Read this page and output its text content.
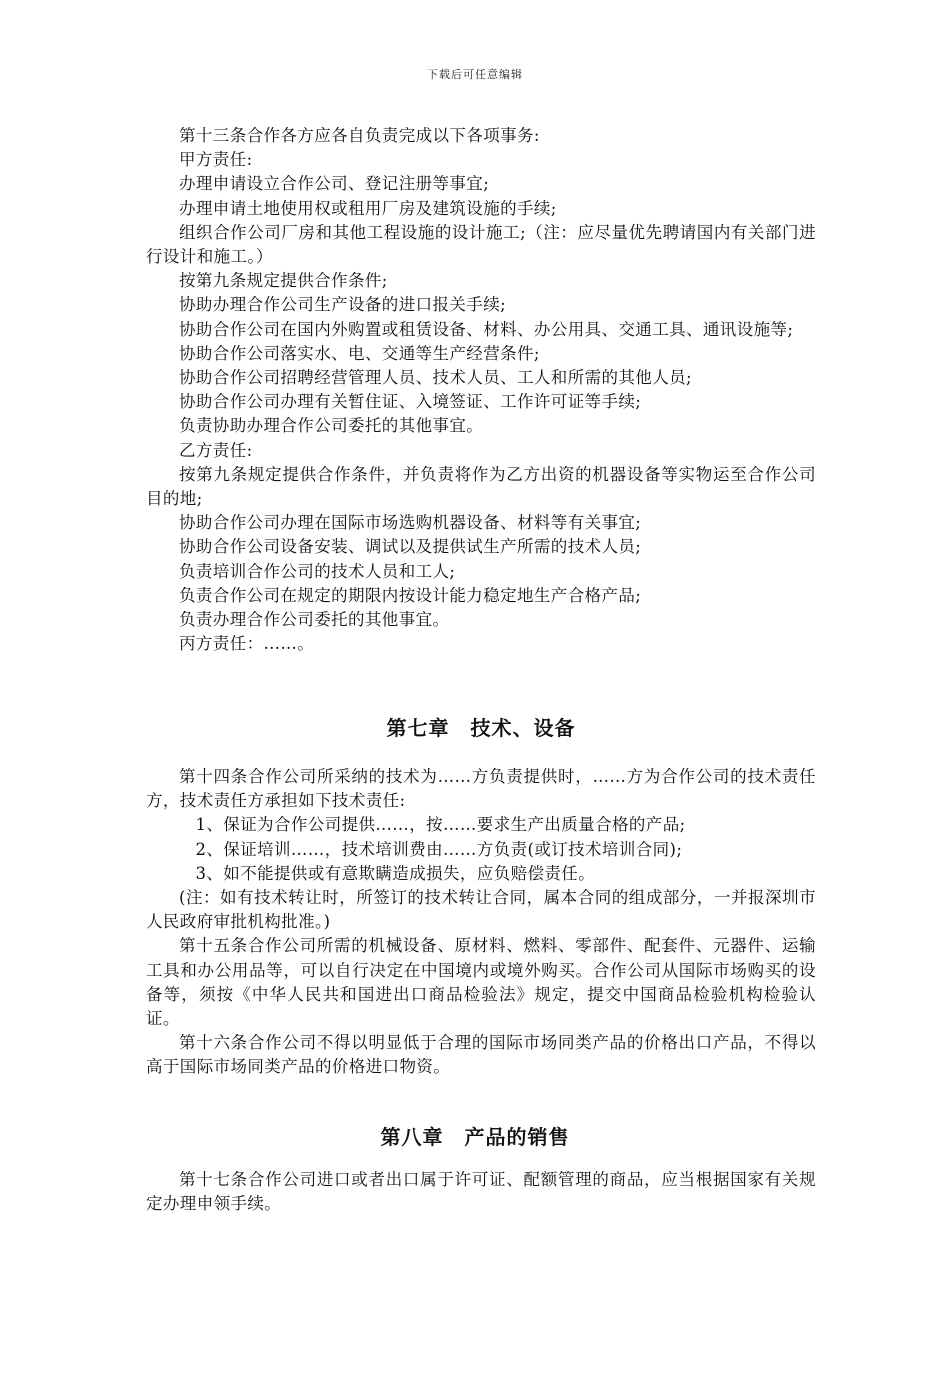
下载后可任意编辑

第十三条合作各方应各自负责完成以下各项事务:

甲方责任:

办理申请设立合作公司、登记注册等事宜;

办理申请土地使用权或租用厂房及建筑设施的手续;

组织合作公司厂房和其他工程设施的设计施工;（注：应尽量优先聘请国内有关部门进行设计和施工。）

按第九条规定提供合作条件;

协助办理合作公司生产设备的进口报关手续;

协助合作公司在国内外购置或租赁设备、材料、办公用具、交通工具、通讯设施等;

协助合作公司落实水、电、交通等生产经营条件;

协助合作公司招聘经营管理人员、技术人员、工人和所需的其他人员;

协助合作公司办理有关暂住证、入境签证、工作许可证等手续;

负责协助办理合作公司委托的其他事宜。

乙方责任:

按第九条规定提供合作条件，并负责将作为乙方出资的机器设备等实物运至合作公司目的地;

协助合作公司办理在国际市场选购机器设备、材料等有关事宜;

协助合作公司设备安装、调试以及提供试生产所需的技术人员;

负责培训合作公司的技术人员和工人;

负责合作公司在规定的期限内按设计能力稳定地生产合格产品;

负责办理合作公司委托的其他事宜。

丙方责任：……。

第七章　技术、设备

第十四条合作公司所采纳的技术为……方负责提供时，……方为合作公司的技术责任方，技术责任方承担如下技术责任:

1、保证为合作公司提供……，按……要求生产出质量合格的产品;

2、保证培训……，技术培训费由……方负责(或订技术培训合同);

3、如不能提供或有意欺瞒造成损失，应负赔偿责任。

(注：如有技术转让时，所签订的技术转让合同，属本合同的组成部分，一并报深圳市人民政府审批机构批准。)

第十五条合作公司所需的机械设备、原材料、燃料、零部件、配套件、元器件、运输工具和办公用品等，可以自行决定在中国境内或境外购买。合作公司从国际市场购买的设备等，须按《中华人民共和国进出口商品检验法》规定，提交中国商品检验机构检验认证。

第十六条合作公司不得以明显低于合理的国际市场同类产品的价格出口产品，不得以高于国际市场同类产品的价格进口物资。

第八章　产品的销售

第十七条合作公司进口或者出口属于许可证、配额管理的商品，应当根据国家有关规定办理申领手续。
